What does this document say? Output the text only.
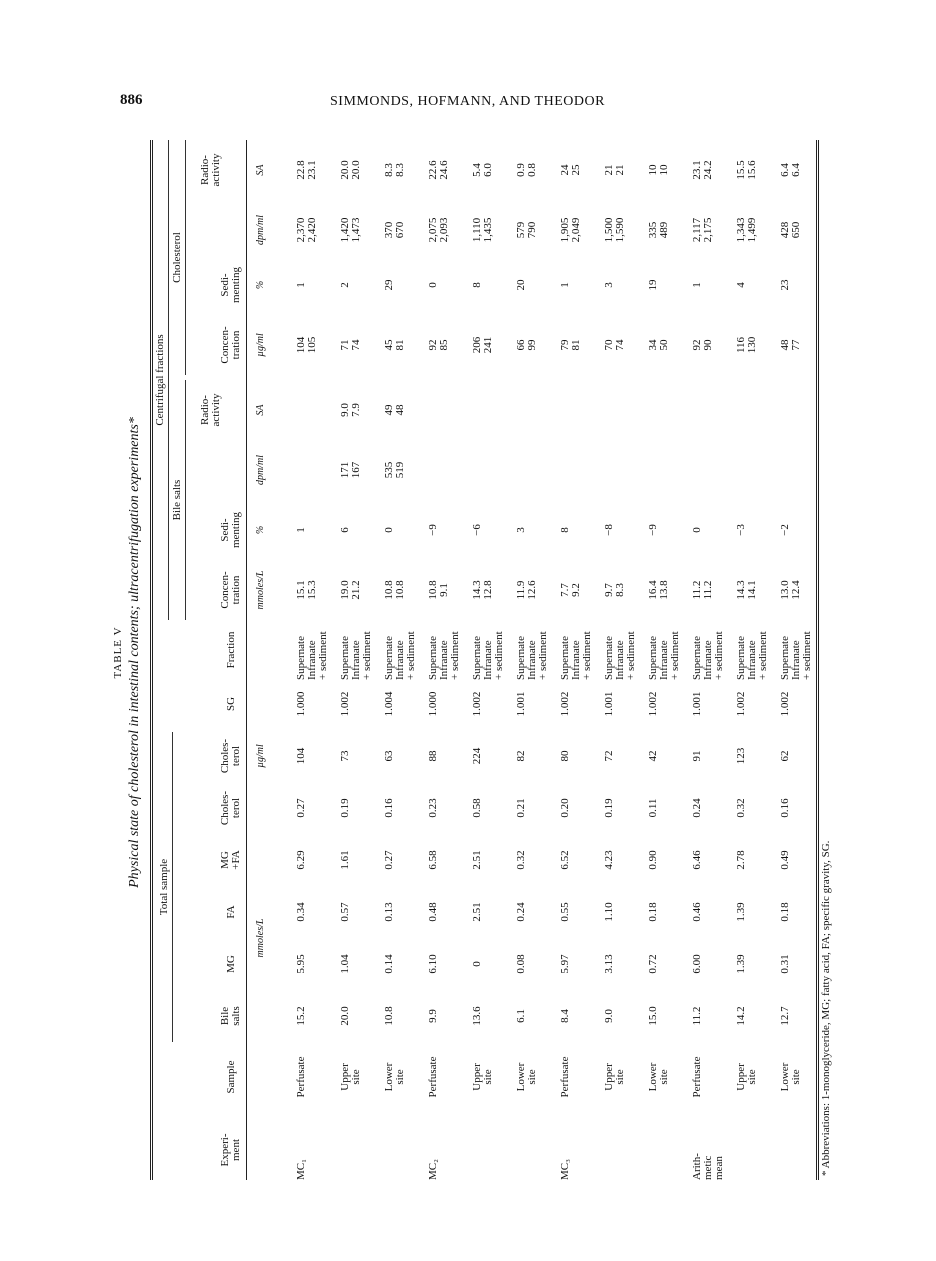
886	SIMMONDS, HOFMANN, AND THEODOR
TABLE V Physical state of cholesterol in intestinal contents; ultracentrifugation experiments* Total sample
Centrifugal fractions
Bile salts
Cholesterol
Experi-
ment
Sample
Bile
salts
MG
FA
MG
+FA
Choles-
terol
Choles-
terol
SG
Fraction
Concen-
tration
Sedi-
menting
Radio-
activity
Concen-
tration
Sedi-
menting
Radio-
activity
mmoles/L
µg/ml
mmoles/L
%
dpm/ml
SA
µg/ml
%
dpm/ml
SA
MC₁
Perfusate
15.2
5.95
0.34
6.29
0.27
104
1.000
Supernate
Infranate
+ sediment
15.1
15.3
1
104
105
1
2,370
2,420
22.8
23.1
Upper
site
20.0
1.04
0.57
1.61
0.19
73
1.002
Supernate
Infranate
+ sediment
19.0
21.2
6
171
167
9.0
7.9
71
74
2
1,420
1,473
20.0
20.0
Lower
site
10.8
0.14
0.13
0.27
0.16
63
1.004
Supernate
Infranate
+ sediment
10.8
10.8
0
535
519
49
48
45
81
29
370
670
8.3
8.3
MC₂
Perfusate
9.9
6.10
0.48
6.58
0.23
88
1.000
Supernate
Infranate
+ sediment
10.8
9.1
−9
92
85
0
2,075
2,093
22.6
24.6
Upper
site
13.6
0
2.51
2.51
0.58
224
1.002
Supernate
Infranate
+ sediment
14.3
12.8
−6
206
241
8
1,110
1,435
5.4
6.0
Lower
site
6.1
0.08
0.24
0.32
0.21
82
1.001
Supernate
Infranate
+ sediment
11.9
12.6
3
66
99
20
579
790
0.9
0.8
MC₃
Perfusate
8.4
5.97
0.55
6.52
0.20
80
1.002
Supernate
Infranate
+ sediment
7.7
9.2
8
79
81
1
1,905
2,049
24
25
Upper
site
9.0
3.13
1.10
4.23
0.19
72
1.001
Supernate
Infranate
+ sediment
9.7
8.3
−8
70
74
3
1,500
1,590
21
21
Lower
site
15.0
0.72
0.18
0.90
0.11
42
1.002
Supernate
Infranate
+ sediment
16.4
13.8
−9
34
50
19
335
489
10
10
Arith-
metic
mean
Perfusate
11.2
6.00
0.46
6.46
0.24
91
1.001
Supernate
Infranate
+ sediment
11.2
11.2
0
92
90
1
2,117
2,175
23.1
24.2
Upper
site
14.2
1.39
1.39
2.78
0.32
123
1.002
Supernate
Infranate
+ sediment
14.3
14.1
−3
116
130
4
1,343
1,499
15.5
15.6
Lower
site
12.7
0.31
0.18
0.49
0.16
62
1.002
Supernate
Infranate
+ sediment
13.0
12.4
−2
48
77
23
428
650
6.4
6.4
* Abbreviations: 1-monoglyceride, MG; fatty acid, FA; specific gravity, SG.
